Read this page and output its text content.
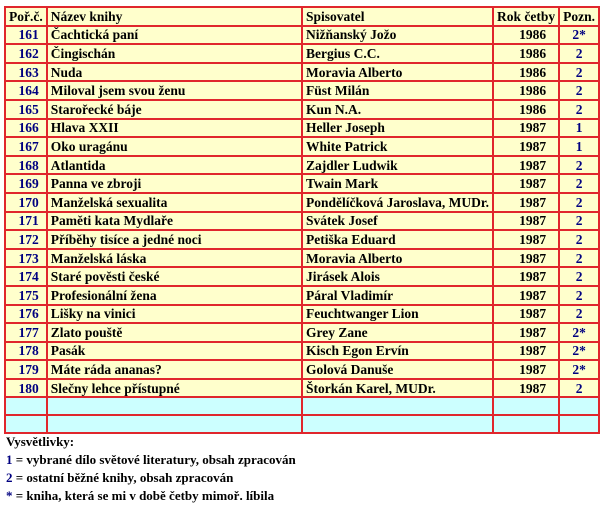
Poř.č.	Název knihy	Spisovatel	Rok četby	Pozn.
161	Čachtická paní	Nižňanský Jožo	1986	2*
162	Čingischán	Bergius C.C.	1986	2
163	Nuda	Moravia Alberto	1986	2
164	Miloval jsem svou ženu	Füst Milán	1986	2
165	Starořecké báje	Kun N.A.	1986	2
166	Hlava XXII	Heller Joseph	1987	1
167	Oko uragánu	White Patrick	1987	1
168	Atlantida	Zajdler Ludwik	1987	2
169	Panna ve zbroji	Twain Mark	1987	2
170	Manželská sexualita	Pondělíčková Jaroslava, MUDr.	1987	2
171	Paměti kata Mydlaře	Svátek Josef	1987	2
172	Příběhy tisíce a jedné noci	Petiška Eduard	1987	2
173	Manželská láska	Moravia Alberto	1987	2
174	Staré pověsti české	Jirásek Alois	1987	2
175	Profesionální žena	Páral Vladimír	1987	2
176	Lišky na vinici	Feuchtwanger Lion	1987	2
177	Zlato pouště	Grey Zane	1987	2*
178	Pasák	Kisch Egon Ervín	1987	2*
179	Máte ráda ananas?	Golová Danuše	1987	2*
180	Slečny lehce přístupné	Štorkán Karel, MUDr.	1987	2

Vysvětlivky:
1 = vybrané dílo světové literatury, obsah zpracován
2 = ostatní běžné knihy, obsah zpracován
* = kniha, která se mi v době četby mimoř. líbila
